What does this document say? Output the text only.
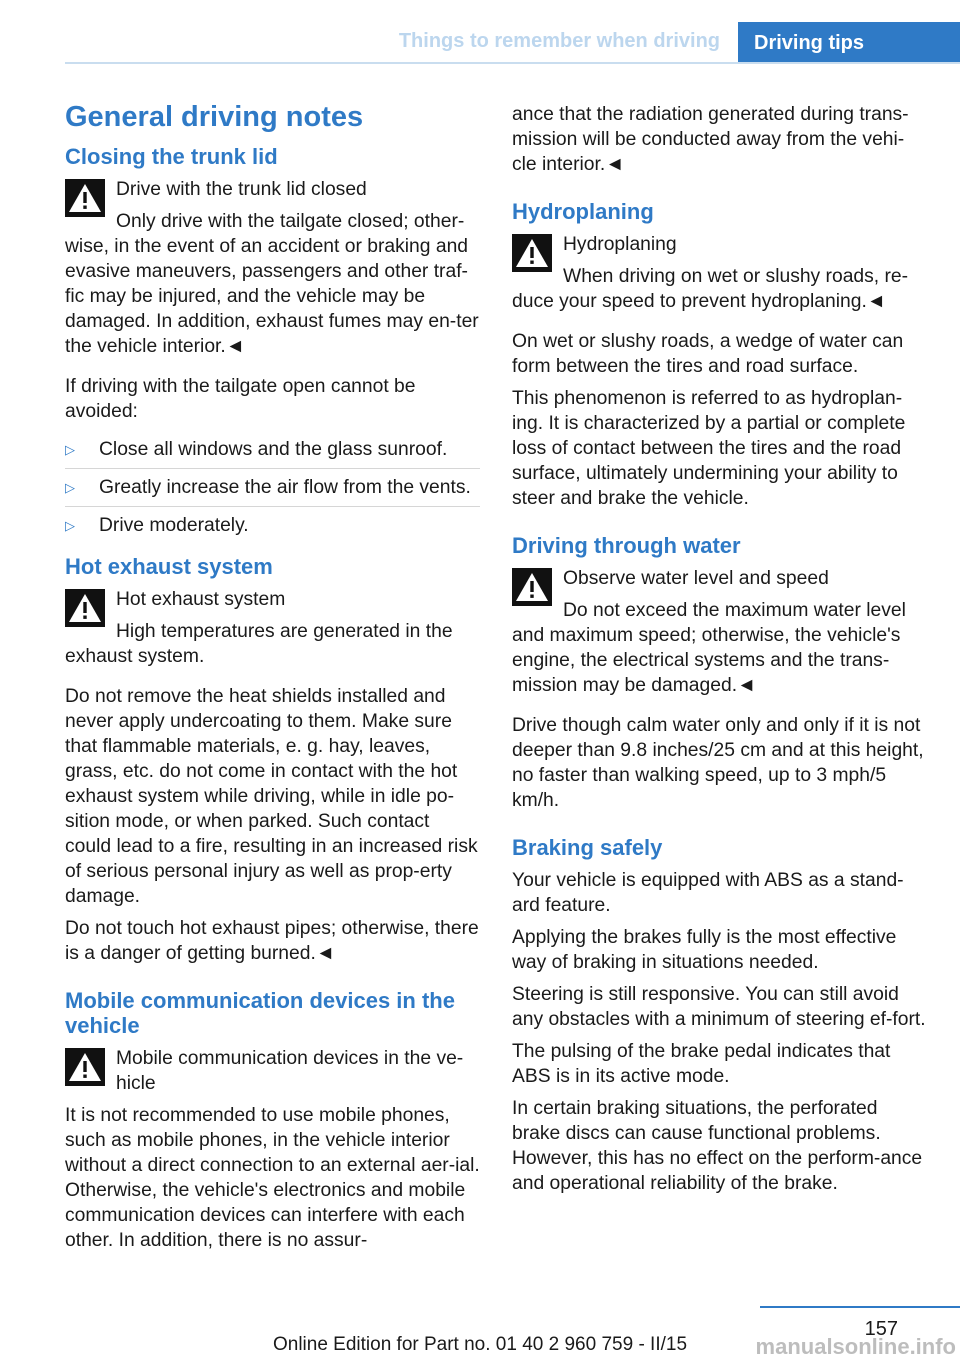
Things to remember when driving	Driving tips
General driving notes
Closing the trunk lid

Drive with the trunk lid closed

Only drive with the tailgate closed; other-wise, in the event of an accident or braking and evasive maneuvers, passengers and other traf-fic may be injured, and the vehicle may be damaged. In addition, exhaust fumes may en-ter the vehicle interior.◄

If driving with the tailgate open cannot be avoided:

▷	Close all windows and the glass sunroof.
▷	Greatly increase the air flow from the vents.
▷	Drive moderately.
Hot exhaust system

Hot exhaust system

High temperatures are generated in the exhaust system.

Do not remove the heat shields installed and never apply undercoating to them. Make sure that flammable materials, e. g. hay, leaves, grass, etc. do not come in contact with the hot exhaust system while driving, while in idle po-sition mode, or when parked. Such contact could lead to a fire, resulting in an increased risk of serious personal injury as well as prop-erty damage.

Do not touch hot exhaust pipes; otherwise, there is a danger of getting burned.◄

Mobile communication devices in the vehicle

Mobile communication devices in the ve-hicle

It is not recommended to use mobile phones, such as mobile phones, in the vehicle interior without a direct connection to an external aer-ial. Otherwise, the vehicle's electronics and mobile communication devices can interfere with each other. In addition, there is no assur-

ance that the radiation generated during trans-mission will be conducted away from the vehi-cle interior.◄

Hydroplaning

Hydroplaning

When driving on wet or slushy roads, re-duce your speed to prevent hydroplaning.◄

On wet or slushy roads, a wedge of water can form between the tires and road surface.

This phenomenon is referred to as hydroplan-ing. It is characterized by a partial or complete loss of contact between the tires and the road surface, ultimately undermining your ability to steer and brake the vehicle.

Driving through water

Observe water level and speed

Do not exceed the maximum water level and maximum speed; otherwise, the vehicle's engine, the electrical systems and the trans-mission may be damaged.◄

Drive though calm water only and only if it is not deeper than 9.8 inches/25 cm and at this height, no faster than walking speed, up to 3 mph/5 km/h.

Braking safely

Your vehicle is equipped with ABS as a stand-ard feature.

Applying the brakes fully is the most effective way of braking in situations needed.

Steering is still responsive. You can still avoid any obstacles with a minimum of steering ef-fort.

The pulsing of the brake pedal indicates that ABS is in its active mode.

In certain braking situations, the perforated brake discs can cause functional problems. However, this has no effect on the perform-ance and operational reliability of the brake.

157
Online Edition for Part no. 01 40 2 960 759 - II/15	manualsonline.info
